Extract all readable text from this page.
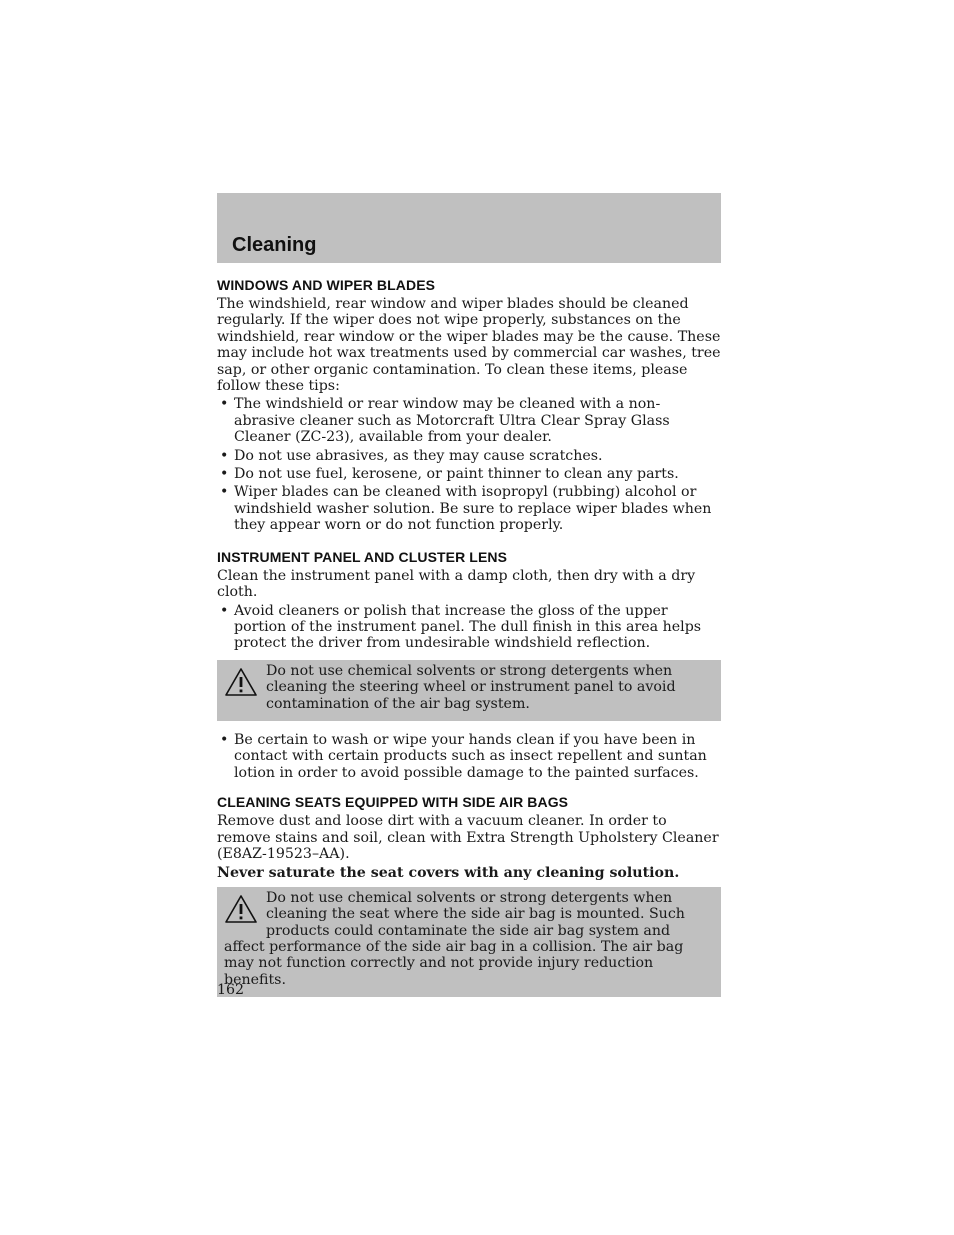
Cleaning
WINDOWS AND WIPER BLADES

The windshield, rear window and wiper blades should be cleaned regularly. If the wiper does not wipe properly, substances on the windshield, rear window or the wiper blades may be the cause. These may include hot wax treatments used by commercial car washes, tree sap, or other organic contamination. To clean these items, please follow these tips:

• The windshield or rear window may be cleaned with a non-abrasive cleaner such as Motorcraft Ultra Clear Spray Glass Cleaner (ZC-23), available from your dealer.
• Do not use abrasives, as they may cause scratches.
• Do not use fuel, kerosene, or paint thinner to clean any parts.
• Wiper blades can be cleaned with isopropyl (rubbing) alcohol or windshield washer solution. Be sure to replace wiper blades when they appear worn or do not function properly.
INSTRUMENT PANEL AND CLUSTER LENS

Clean the instrument panel with a damp cloth, then dry with a dry cloth.

• Avoid cleaners or polish that increase the gloss of the upper portion of the instrument panel. The dull finish in this area helps protect the driver from undesirable windshield reflection.
Do not use chemical solvents or strong detergents when cleaning the steering wheel or instrument panel to avoid contamination of the air bag system.
• Be certain to wash or wipe your hands clean if you have been in contact with certain products such as insect repellent and suntan lotion in order to avoid possible damage to the painted surfaces.
CLEANING SEATS EQUIPPED WITH SIDE AIR BAGS

Remove dust and loose dirt with a vacuum cleaner. In order to remove stains and soil, clean with Extra Strength Upholstery Cleaner (E8AZ-19523–AA).

Never saturate the seat covers with any cleaning solution.

Do not use chemical solvents or strong detergents when cleaning the seat where the side air bag is mounted. Such products could contaminate the side air bag system and affect performance of the side air bag in a collision. The air bag may not function correctly and not provide injury reduction benefits.
162
